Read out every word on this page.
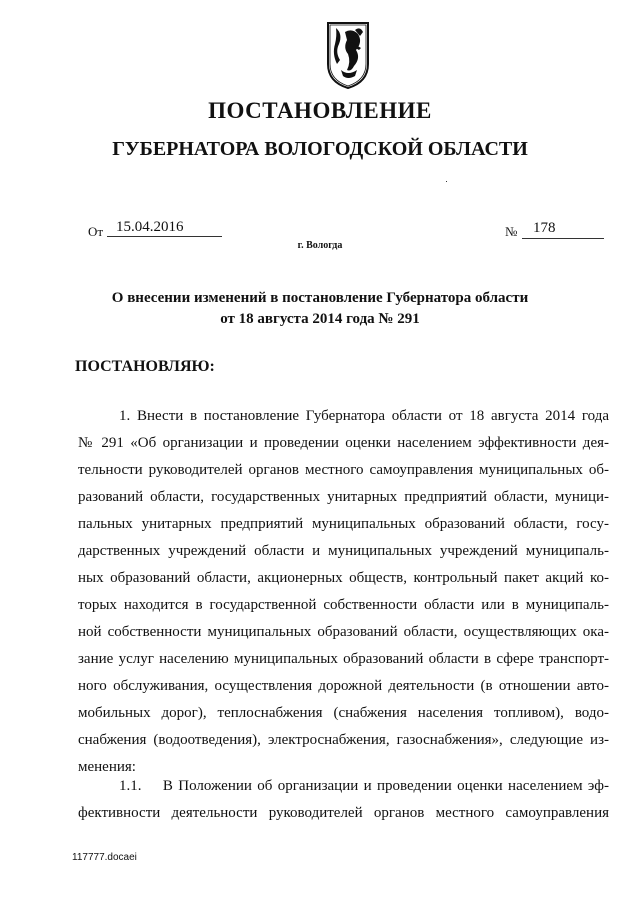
ПОСТАНОВЛЕНИЕ
ГУБЕРНАТОРА ВОЛОГОДСКОЙ ОБЛАСТИ
От 15.04.2016
г. Вологда
№ 178
О внесении изменений в постановление Губернатора области
от 18 августа 2014 года № 291
ПОСТАНОВЛЯЮ:
1. Внести в постановление Губернатора области от 18 августа 2014 года
№ 291 «Об организации и проведении оценки населением эффективности дея-
тельности руководителей органов местного самоуправления муниципальных об-
разований области, государственных унитарных предприятий области, муници-
пальных унитарных предприятий муниципальных образований области, госу-
дарственных учреждений области и муниципальных учреждений муниципаль-
ных образований области, акционерных обществ, контрольный пакет акций ко-
торых находится в государственной собственности области или в муниципаль-
ной собственности муниципальных образований области, осуществляющих ока-
зание услуг населению муниципальных образований области в сфере транспорт-
ного обслуживания, осуществления дорожной деятельности (в отношении авто-
мобильных дорог), теплоснабжения (снабжения населения топливом), водо-
снабжения (водоотведения), электроснабжения, газоснабжения», следующие из-
менения:
1.1.    В Положении об организации и проведении оценки населением эф-
фективности деятельности руководителей органов местного самоуправления
117777.docaei
